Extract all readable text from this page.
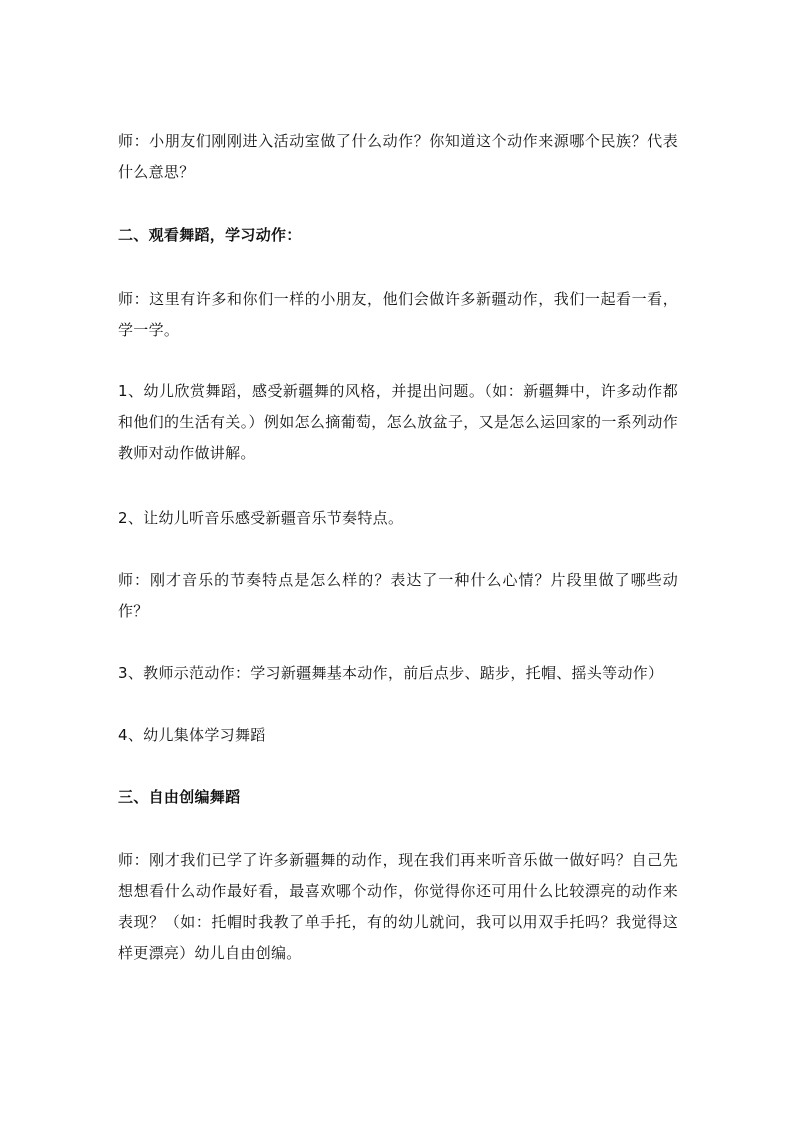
师：小朋友们刚刚进入活动室做了什么动作？你知道这个动作来源哪个民族？代表什么意思？

二、观看舞蹈，学习动作：

师：这里有许多和你们一样的小朋友，他们会做许多新疆动作，我们一起看一看，学一学。

1、幼儿欣赏舞蹈，感受新疆舞的风格，并提出问题。（如：新疆舞中，许多动作都和他们的生活有关。）例如怎么摘葡萄，怎么放盆子，又是怎么运回家的一系列动作教师对动作做讲解。

2、让幼儿听音乐感受新疆音乐节奏特点。

师：刚才音乐的节奏特点是怎么样的？表达了一种什么心情？片段里做了哪些动作？

3、教师示范动作：学习新疆舞基本动作，前后点步、踮步，托帽、摇头等动作）

4、幼儿集体学习舞蹈

三、自由创编舞蹈

师：刚才我们已学了许多新疆舞的动作，现在我们再来听音乐做一做好吗？自己先想想看什么动作最好看，最喜欢哪个动作，你觉得你还可用什么比较漂亮的动作来表现？（如：托帽时我教了单手托，有的幼儿就问，我可以用双手托吗？我觉得这样更漂亮）幼儿自由创编。
